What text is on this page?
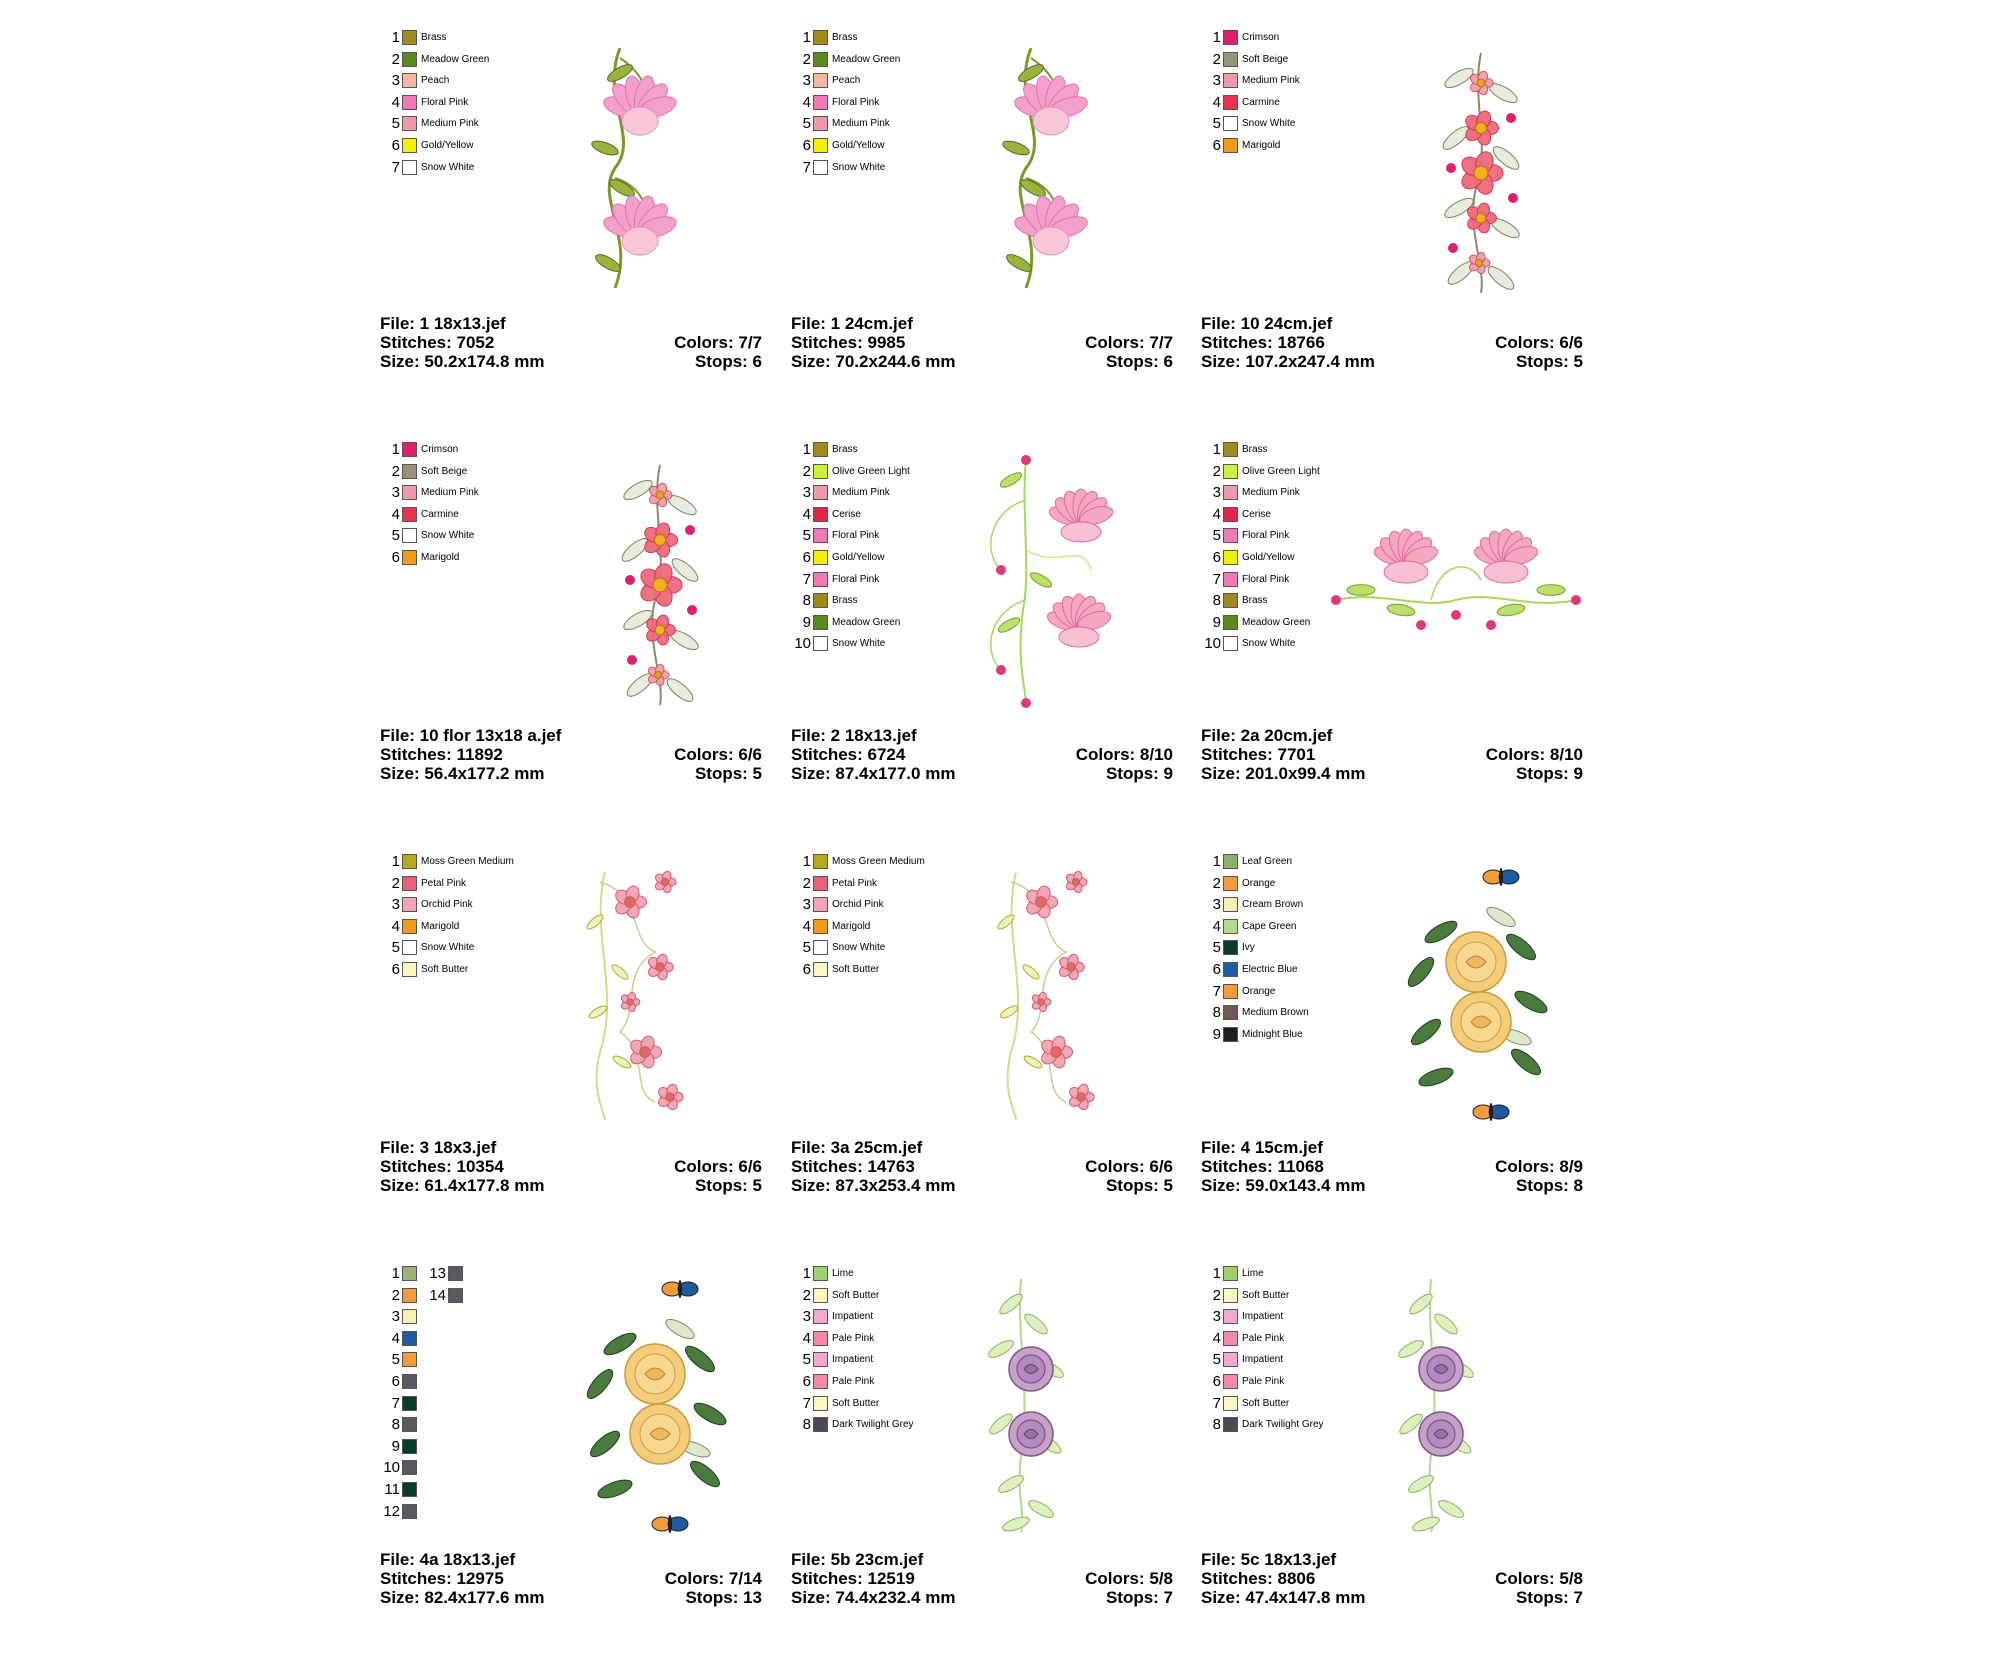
1 Brass
2 Meadow Green
3 Peach
4 Floral Pink
5 Medium Pink
6 Gold/Yellow
7 Snow White
File: 1 18x13.jef
Stitches: 7052
Size: 50.2x174.8 mm
Colors: 7/7
Stops: 6
1 Brass
2 Meadow Green
3 Peach
4 Floral Pink
5 Medium Pink
6 Gold/Yellow
7 Snow White
File: 1 24cm.jef
Stitches: 9985
Size: 70.2x244.6 mm
Colors: 7/7
Stops: 6
1 Crimson
2 Soft Beige
3 Medium Pink
4 Carmine
5 Snow White
6 Marigold
File: 10 24cm.jef
Stitches: 18766
Size: 107.2x247.4 mm
Colors: 6/6
Stops: 5
1 Crimson
2 Soft Beige
3 Medium Pink
4 Carmine
5 Snow White
6 Marigold
File: 10 flor 13x18 a.jef
Stitches: 11892
Size: 56.4x177.2 mm
Colors: 6/6
Stops: 5
1 Brass
2 Olive Green Light
3 Medium Pink
4 Cerise
5 Floral Pink
6 Gold/Yellow
7 Floral Pink
8 Brass
9 Meadow Green
10 Snow White
File: 2 18x13.jef
Stitches: 6724
Size: 87.4x177.0 mm
Colors: 8/10
Stops: 9
1 Brass
2 Olive Green Light
3 Medium Pink
4 Cerise
5 Floral Pink
6 Gold/Yellow
7 Floral Pink
8 Brass
9 Meadow Green
10 Snow White
File: 2a 20cm.jef
Stitches: 7701
Size: 201.0x99.4 mm
Colors: 8/10
Stops: 9
1 Moss Green Medium
2 Petal Pink
3 Orchid Pink
4 Marigold
5 Snow White
6 Soft Butter
File: 3 18x3.jef
Stitches: 10354
Size: 61.4x177.8 mm
Colors: 6/6
Stops: 5
1 Moss Green Medium
2 Petal Pink
3 Orchid Pink
4 Marigold
5 Snow White
6 Soft Butter
File: 3a 25cm.jef
Stitches: 14763
Size: 87.3x253.4 mm
Colors: 6/6
Stops: 5
1 Leaf Green
2 Orange
3 Cream Brown
4 Cape Green
5 Ivy
6 Electric Blue
7 Orange
8 Medium Brown
9 Midnight Blue
File: 4 15cm.jef
Stitches: 11068
Size: 59.0x143.4 mm
Colors: 8/9
Stops: 8
1 13
2 14
3
4
5
6
7
8
9
10
11
12
File: 4a 18x13.jef
Stitches: 12975
Size: 82.4x177.6 mm
Colors: 7/14
Stops: 13
1 Lime
2 Soft Butter
3 Impatient
4 Pale Pink
5 Impatient
6 Pale Pink
7 Soft Butter
8 Dark Twilight Grey
File: 5b 23cm.jef
Stitches: 12519
Size: 74.4x232.4 mm
Colors: 5/8
Stops: 7
1 Lime
2 Soft Butter
3 Impatient
4 Pale Pink
5 Impatient
6 Pale Pink
7 Soft Butter
8 Dark Twilight Grey
File: 5c 18x13.jef
Stitches: 8806
Size: 47.4x147.8 mm
Colors: 5/8
Stops: 7
